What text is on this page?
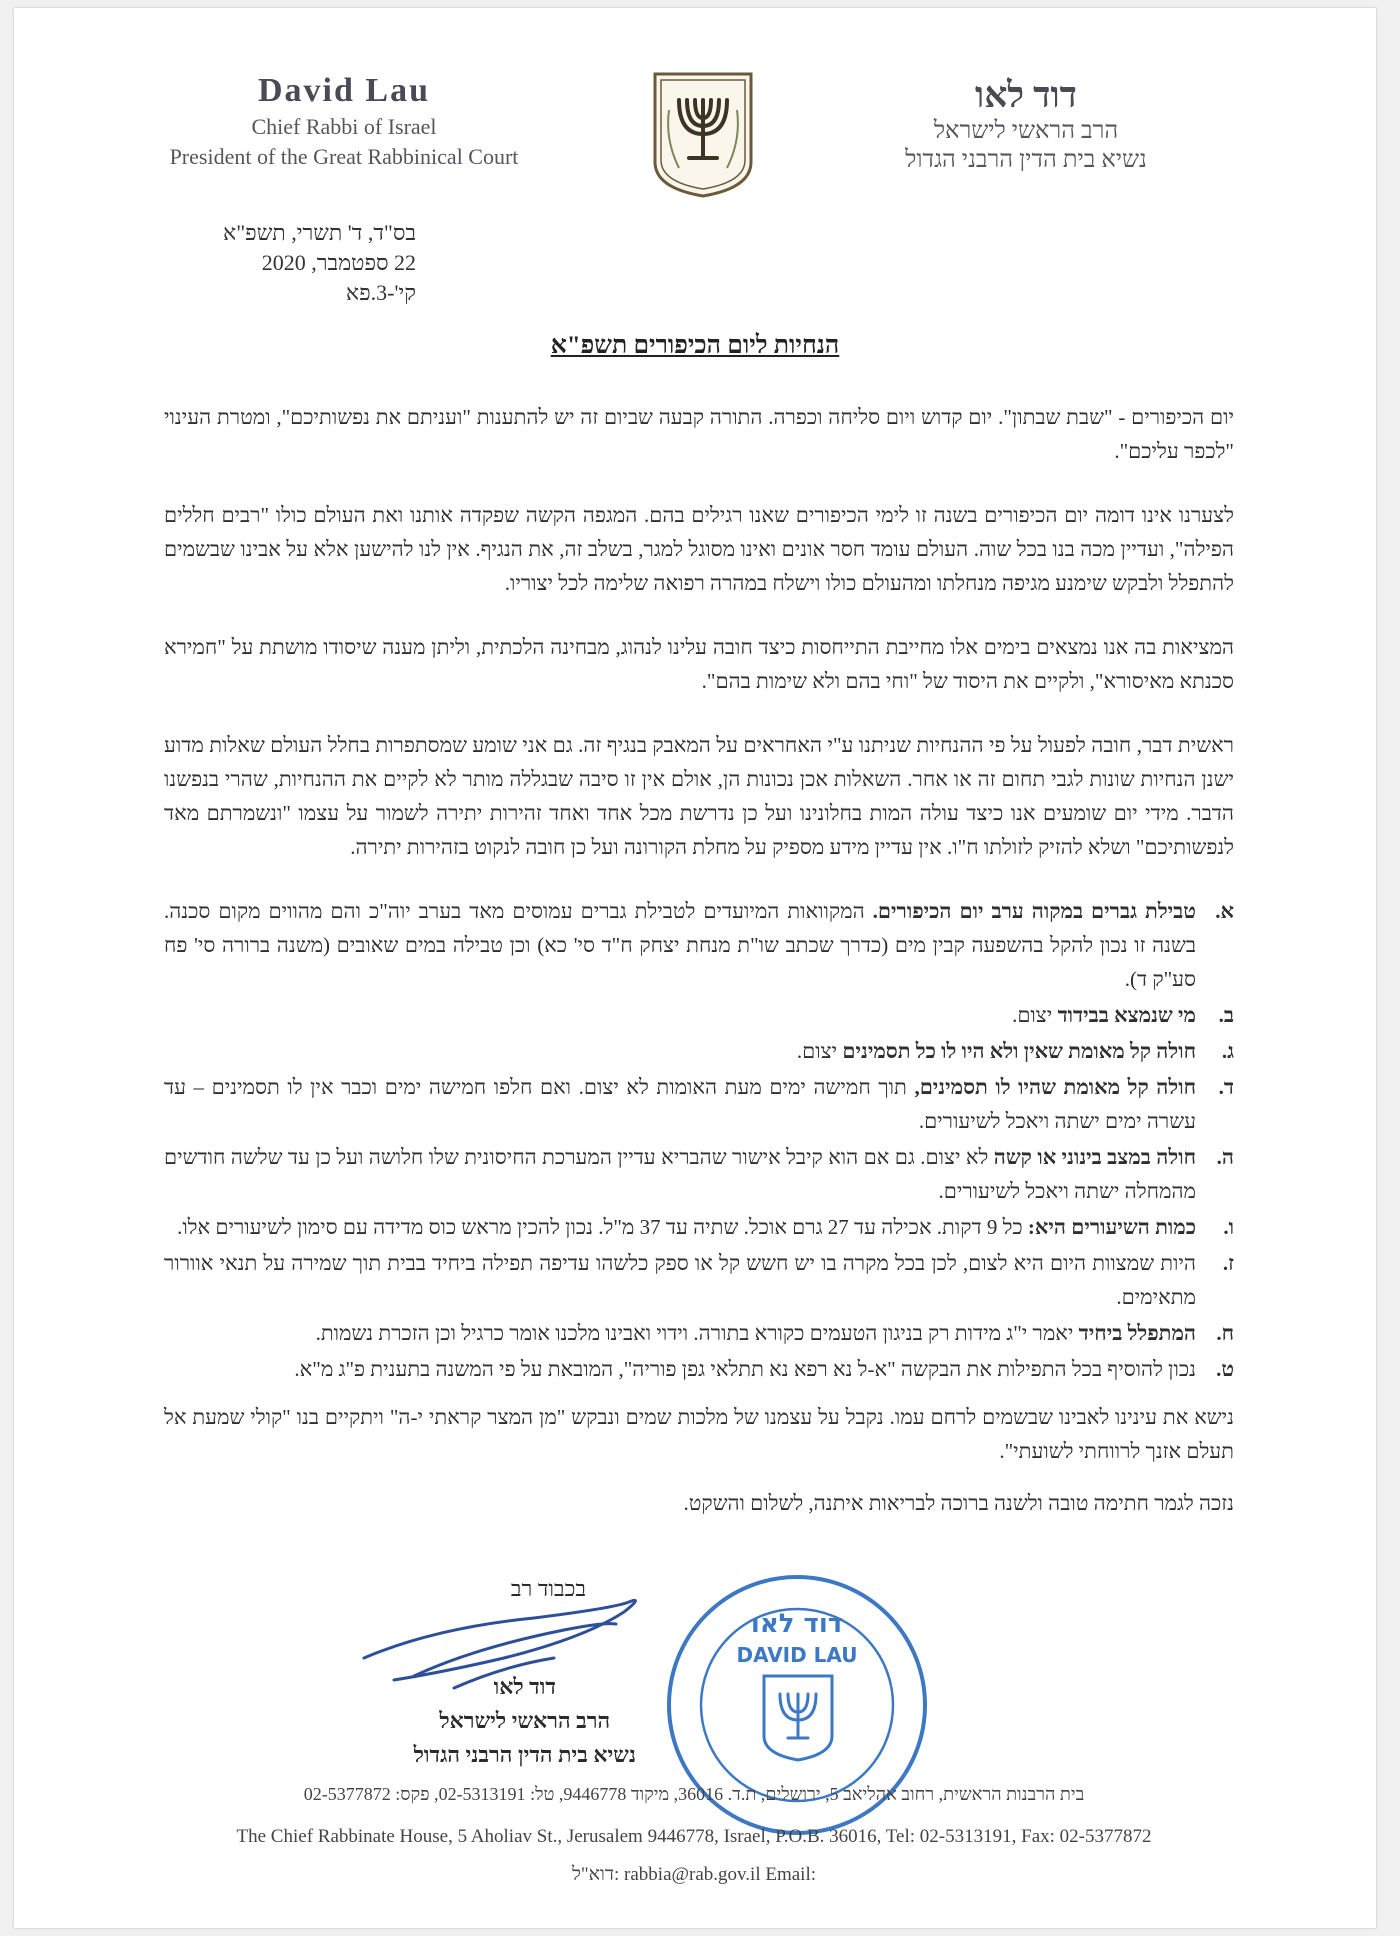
David Lau
Chief Rabbi of Israel
President of the Great Rabbinical Court
דוד לאו
הרב הראשי לישראל
נשיא בית הדין הרבני הגדול
בס"ד, ד' תשרי, תשפ"א
22 ספטמבר, 2020
קי'-3.פא
הנחיות ליום הכיפורים תשפ"א

יום הכיפורים - "שבת שבתון". יום קדוש ויום סליחה וכפרה. התורה קבעה שביום זה יש להתענות "ועניתם את נפשותיכם", ומטרת העינוי "לכפר עליכם".

לצערנו אינו דומה יום הכיפורים בשנה זו לימי הכיפורים שאנו רגילים בהם. המגפה הקשה שפקדה אותנו ואת העולם כולו "רבים חללים הפילה", ועדיין מכה בנו בכל שוה. העולם עומד חסר אונים ואינו מסוגל למגר, בשלב זה, את הנגיף. אין לנו להישען אלא על אבינו שבשמים להתפלל ולבקש שימנע מגיפה מנחלתו ומהעולם כולו וישלח במהרה רפואה שלימה לכל יצוריו.

המציאות בה אנו נמצאים בימים אלו מחייבת התייחסות כיצד חובה עלינו לנהוג, מבחינה הלכתית, וליתן מענה שיסודו מושתת על "חמירא סכנתא מאיסורא", ולקיים את היסוד של "וחי בהם ולא שימות בהם".

ראשית דבר, חובה לפעול על פי ההנחיות שניתנו ע"י האחראים על המאבק בנגיף זה. גם אני שומע שמסתפרות בחלל העולם שאלות מדוע ישנן הנחיות שונות לגבי תחום זה או אחר. השאלות אכן נכונות הן, אולם אין זו סיבה שבגללה מותר לא לקיים את ההנחיות, שהרי בנפשנו הדבר. מידי יום שומעים אנו כיצד עולה המות בחלונינו ועל כן נדרשת מכל אחד ואחד זהירות יתירה לשמור על עצמו "ונשמרתם מאד לנפשותיכם" ושלא להזיק לזולתו ח"ו. אין עדיין מידע מספיק על מחלת הקורונה ועל כן חובה לנקוט בזהירות יתירה.

א.
טבילת גברים במקוה ערב יום הכיפורים. המקוואות המיועדים לטבילת גברים עמוסים מאד בערב יוה"כ והם מהווים מקום סכנה. בשנה זו נכון להקל בהשפעה קבין מים (כדרך שכתב שו"ת מנחת יצחק ח"ד סי' כא) וכן טבילה במים שאובים (משנה ברורה סי' פח סע"ק ד).
ב.
מי שנמצא בבידוד יצום.
ג.
חולה קל מאומת שאין ולא היו לו כל תסמינים יצום.
ד.
חולה קל מאומת שהיו לו תסמינים, תוך חמישה ימים מעת האומות לא יצום. ואם חלפו חמישה ימים וכבר אין לו תסמינים – עד עשרה ימים ישתה ויאכל לשיעורים.
ה.
חולה במצב בינוני או קשה לא יצום. גם אם הוא קיבל אישור שהבריא עדיין המערכת החיסונית שלו חלושה ועל כן עד שלשה חודשים מהמחלה ישתה ויאכל לשיעורים.
ו.
כמות השיעורים היא: כל 9 דקות. אכילה עד 27 גרם אוכל. שתיה עד 37 מ"ל. נכון להכין מראש כוס מדידה עם סימון לשיעורים אלו.
ז.
היות שמצוות היום היא לצום, לכן בכל מקרה בו יש חשש קל או ספק כלשהו עדיפה תפילה ביחיד בבית תוך שמירה על תנאי אוורור מתאימים.
ח.
המתפלל ביחיד יאמר י"ג מידות רק בניגון הטעמים כקורא בתורה. וידוי ואבינו מלכנו אומר כרגיל וכן הזכרת נשמות.
ט.
נכון להוסיף בכל התפילות את הבקשה "א-ל נא רפא נא תתלאי גפן פוריה", המובאת על פי המשנה בתענית פ"ג מ"א.

נישא את עינינו לאבינו שבשמים לרחם עמו. נקבל על עצמנו של מלכות שמים ונבקש "מן המצר קראתי י-ה" ויתקיים בנו "קולי שמעת אל תעלם אזנך לרווחתי לשועתי".

נזכה לגמר חתימה טובה ולשנה ברוכה לבריאות איתנה, לשלום והשקט.

בכבוד רב
דוד לאו
הרב הראשי לישראל
נשיא בית הדין הרבני הגדול
דוד לאו
DAVID LAU
בית הרבנות הראשית, רחוב אהליאב 5, ירושלים, ת.ד. 36016, מיקוד 9446778, טל: 02-5313191, פקס: 02-5377872
The Chief Rabbinate House, 5 Aholiav St., Jerusalem 9446778, Israel, P.O.B. 36016, Tel: 02-5313191, Fax: 02-5377872
דוא"ל: rabbia@rab.gov.il Email:
